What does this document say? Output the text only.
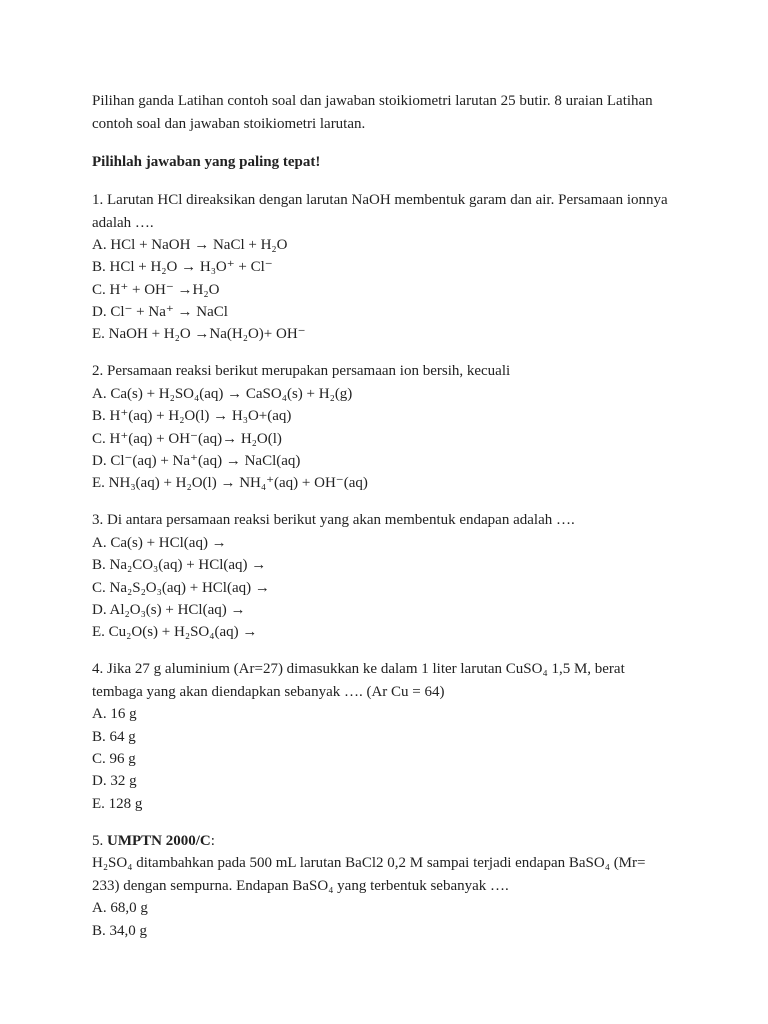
Pilihan ganda Latihan contoh soal dan jawaban stoikiometri larutan 25 butir. 8 uraian Latihan contoh soal dan jawaban stoikiometri larutan.

Pilihlah jawaban yang paling tepat!

1. Larutan HCl direaksikan dengan larutan NaOH membentuk garam dan air. Persamaan ionnya adalah ….
A. HCl + NaOH → NaCl + H₂O
B. HCl + H₂O → H₃O⁺ + Cl⁻
C. H⁺ + OH⁻ →H₂O
D. Cl⁻ + Na⁺ → NaCl
E. NaOH + H₂O →Na(H₂O)+ OH⁻
2. Persamaan reaksi berikut merupakan persamaan ion bersih, kecuali
A. Ca(s) + H₂SO₄(aq) → CaSO₄(s) + H₂(g)
B. H⁺(aq) + H₂O(l) → H₃O+(aq)
C. H⁺(aq) + OH⁻(aq)→ H₂O(l)
D. Cl⁻(aq) + Na⁺(aq) → NaCl(aq)
E. NH₃(aq) + H₂O(l) → NH₄⁺(aq) + OH⁻(aq)
3. Di antara persamaan reaksi berikut yang akan membentuk endapan adalah ….
A. Ca(s) + HCl(aq) →
B. Na₂CO₃(aq) + HCl(aq) →
C. Na₂S₂O₃(aq) + HCl(aq) →
D. Al₂O₃(s) + HCl(aq) →
E. Cu₂O(s) + H₂SO₄(aq) →
4. Jika 27 g aluminium (Ar=27) dimasukkan ke dalam 1 liter larutan CuSO₄ 1,5 M, berat tembaga yang akan diendapkan sebanyak …. (Ar Cu = 64)
A. 16 g
B. 64 g
C. 96 g
D. 32 g
E. 128 g
5. UMPTN 2000/C:
H₂SO₄ ditambahkan pada 500 mL larutan BaCl2 0,2 M sampai terjadi endapan BaSO₄ (Mr= 233) dengan sempurna. Endapan BaSO₄ yang terbentuk sebanyak ….
A. 68,0 g
B. 34,0 g
